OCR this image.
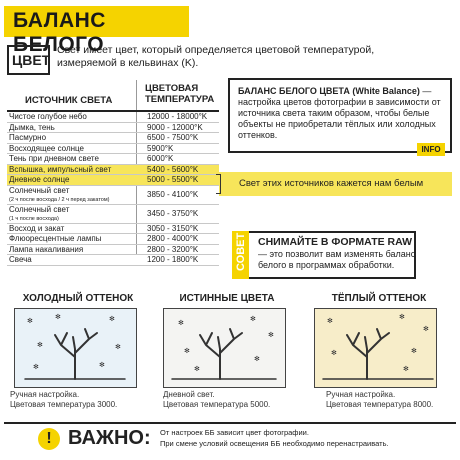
БАЛАНС БЕЛОГО
ЦВЕТ
Свет имеет цвет, который определяется цветовой температурой, измеряемой в кельвинах (K).
ИСТОЧНИК СВЕТА
ЦВЕТОВАЯ ТЕМПЕРАТУРА
Чистое голубое небо	12000 - 18000°K
Дымка, тень	9000 - 12000°K
Пасмурно	6500 - 7500°K
Восходящее солнце	5900°K
Тень при дневном свете	6000°K
Вспышка, импульсный свет	5400 - 5600°K
Дневное солнце	5000 - 5500°K
Солнечный свет
(2 ч после восхода / 2 ч перед закатом)
3850 - 4100°K
Солнечный свет
(1 ч после восхода)
3450 - 3750°K
Восход и закат	3050 - 3150°K
Флюоресцентные лампы	2800 - 4000°K
Лампа накаливания	2800 - 3200°K
Свеча	1200 - 1800°K
Свет этих источников кажется нам белым
БАЛАНС БЕЛОГО ЦВЕТА (White Balance) — настройка цветов фотографии в зависимости от источника света таким образом, чтобы белые объекты не приобретали тёплых или холодных оттенков.
INFO
СОВЕТ СНИМАЙТЕ В ФОРМАТЕ RAW
— это позволит вам изменять баланс белого в программах обработки.
ХОЛОДНЫЙ ОТТЕНОК	ИСТИННЫЕ ЦВЕТА	ТЁПЛЫЙ ОТТЕНОК
✻	✻	✻
✻	✻
✻
✻
✻	✻
✻
✻
✻
✻
✻	✻
✻
✻	✻
✻
Ручная настройка.
Цветовая температура 3000.
Дневной свет.
Цветовая температура 5000.
Ручная настройка.
Цветовая температура 8000.
! ВАЖНО: От настроек ББ зависит цвет фотографии.
При смене условий освещения ББ необходимо перенастраивать.
